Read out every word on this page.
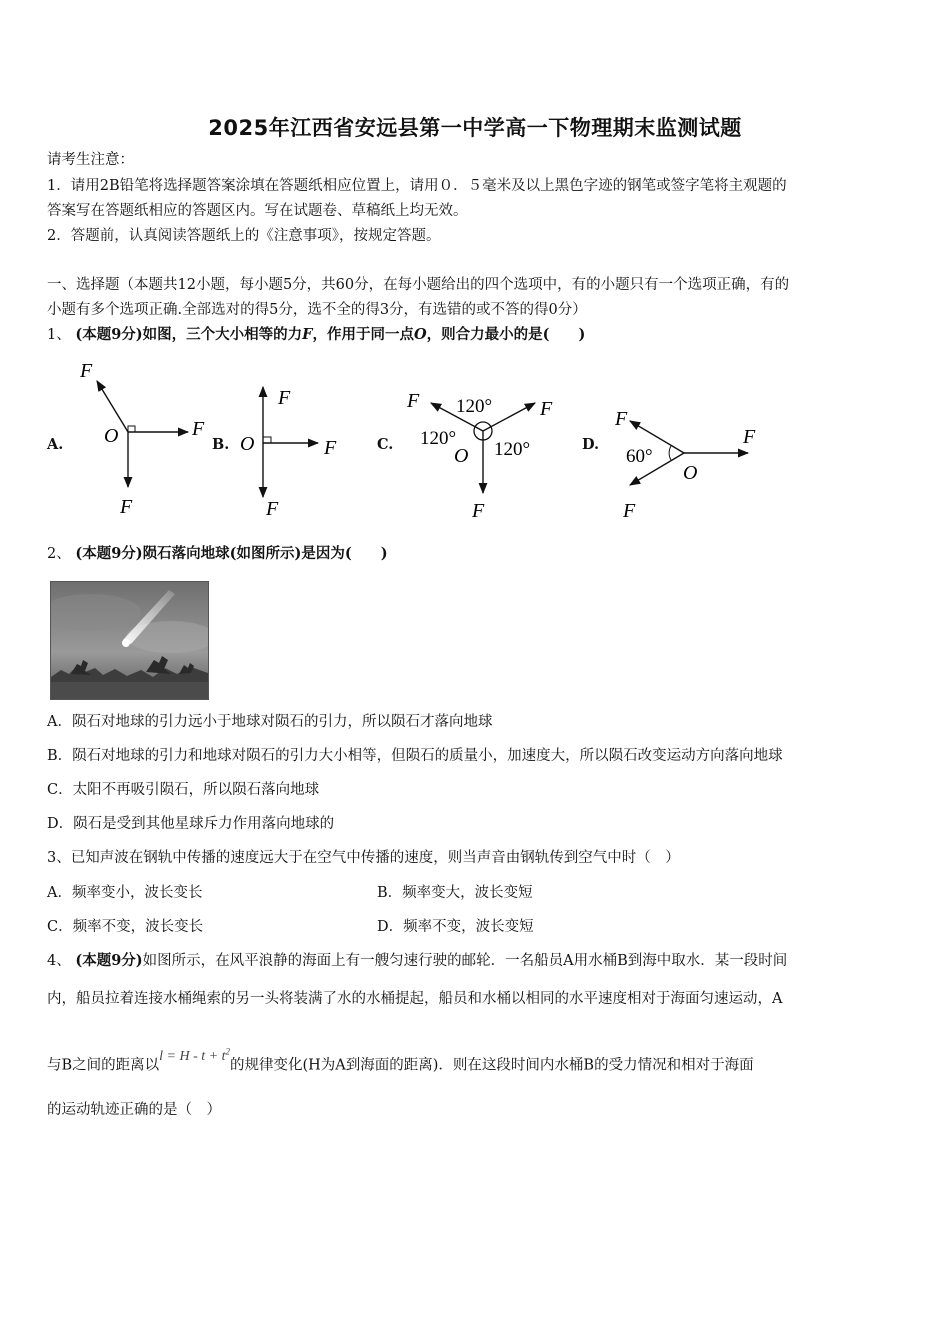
2025年江西省安远县第一中学高一下物理期末监测试题
请考生注意：
1．请用2B铅笔将选择题答案涂填在答题纸相应位置上，请用０．５毫米及以上黑色字迹的钢笔或签字笔将主观题的
答案写在答题纸相应的答题区内。写在试题卷、草稿纸上均无效。
2．答题前，认真阅读答题纸上的《注意事项》，按规定答题。
一、选择题（本题共12小题，每小题5分，共60分，在每小题给出的四个选项中，有的小题只有一个选项正确，有的
小题有多个选项正确.全部选对的得5分，选不全的得3分，有选错的或不答的得0分）
1、 (本题9分)如图，三个大小相等的力F，作用于同一点O，则合力最小的是(　　)
A.	B.	C.	D.
F
F
F
O
F
F
F
O
F	F
F
120°
120°
120°
O
F
F
F
60°
O
2、 (本题9分)陨石落向地球(如图所示)是因为(　　)
A．陨石对地球的引力远小于地球对陨石的引力，所以陨石才落向地球
B．陨石对地球的引力和地球对陨石的引力大小相等，但陨石的质量小，加速度大，所以陨石改变运动方向落向地球
C．太阳不再吸引陨石，所以陨石落向地球
D．陨石是受到其他星球斥力作用落向地球的
3、已知声波在钢轨中传播的速度远大于在空气中传播的速度，则当声音由钢轨传到空气中时（　）
A．频率变小，波长变长	B．频率变大，波长变短
C．频率不变，波长变长	D．频率不变，波长变短
4、 (本题9分)如图所示，在风平浪静的海面上有一艘匀速行驶的邮轮．一名船员A用水桶B到海中取水．某一段时间
内，船员拉着连接水桶绳索的另一头将装满了水的水桶提起，船员和水桶以相同的水平速度相对于海面匀速运动，A
与B之间的距离以$l = H - t + t^2$的规律变化(H为A到海面的距离)．则在这段时间内水桶B的受力情况和相对于海面
的运动轨迹正确的是（　）
